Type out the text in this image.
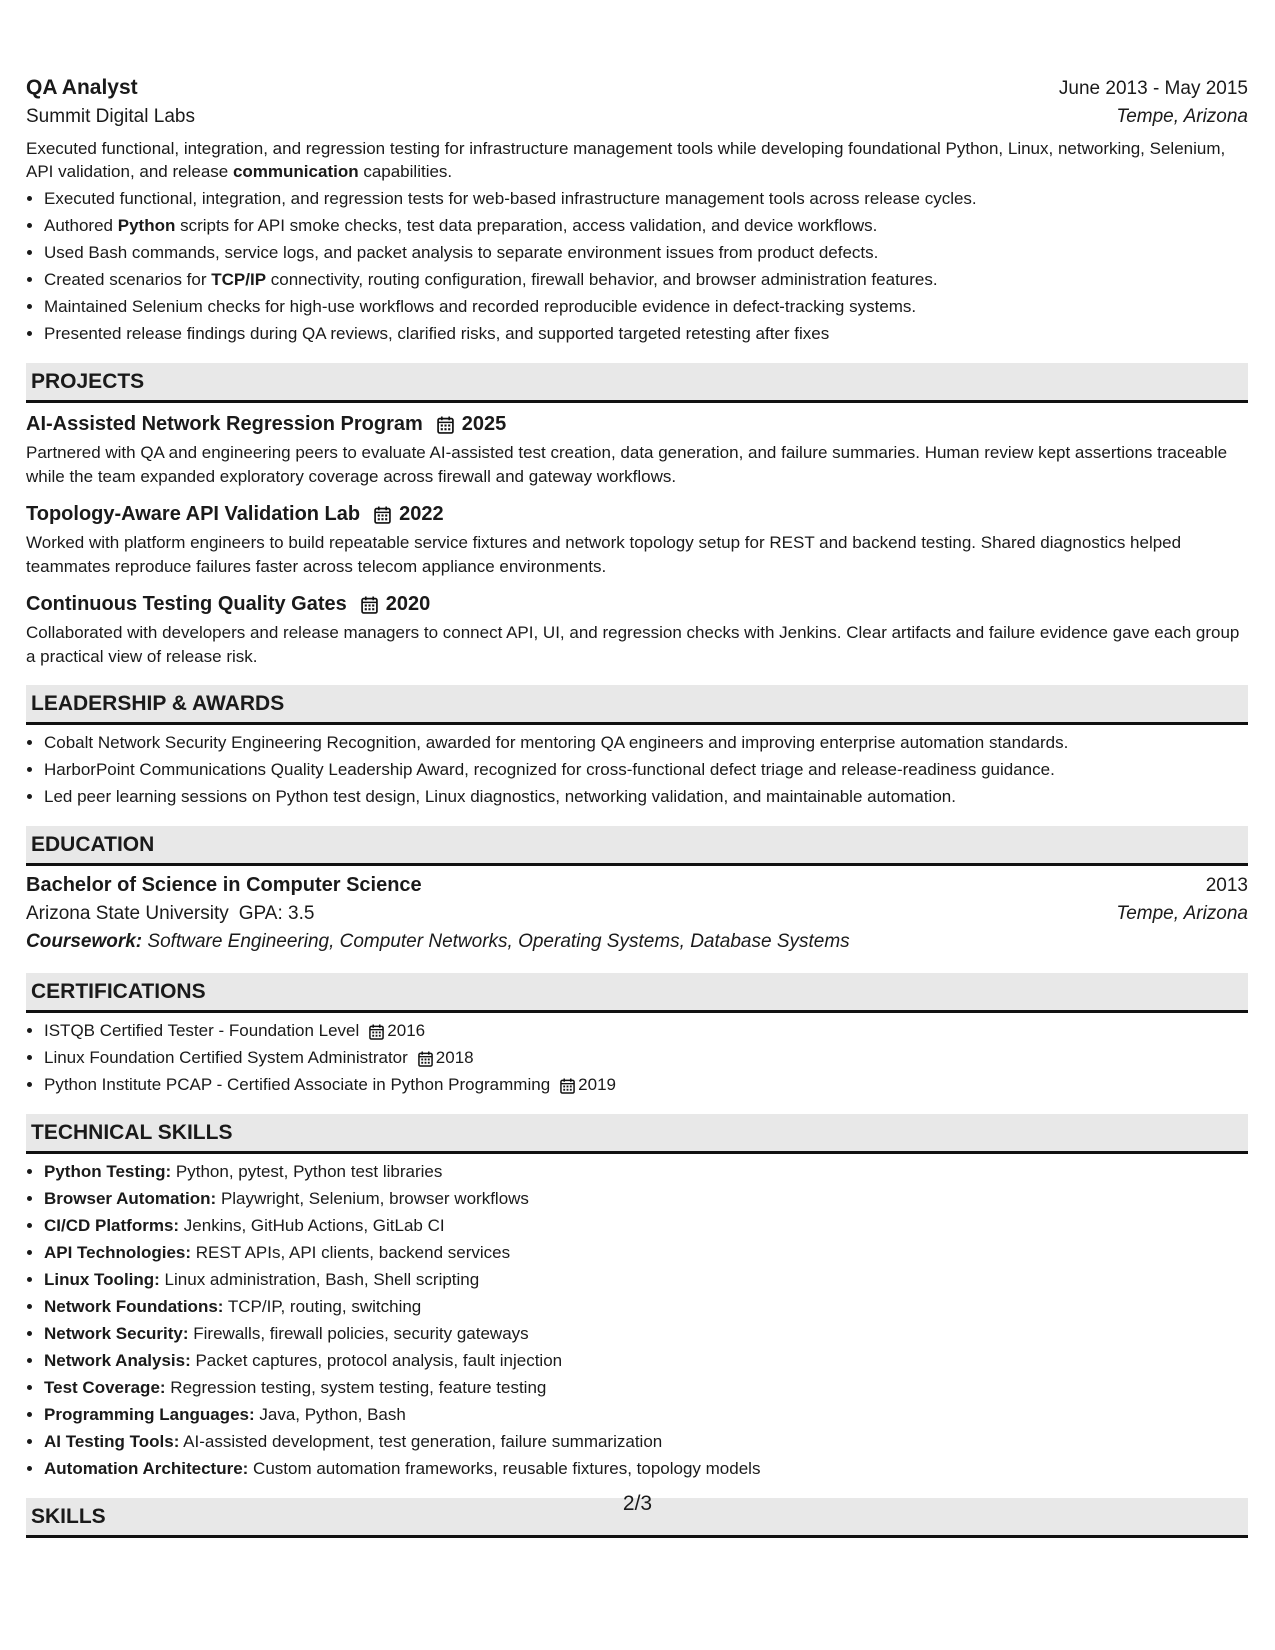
QA Analyst	June 2013 - May 2015
Summit Digital Labs	Tempe, Arizona
Executed functional, integration, and regression testing for infrastructure management tools while developing foundational Python, Linux, networking, Selenium, API validation, and release communication capabilities.
• Executed functional, integration, and regression tests for web-based infrastructure management tools across release cycles.
• Authored Python scripts for API smoke checks, test data preparation, access validation, and device workflows.
• Used Bash commands, service logs, and packet analysis to separate environment issues from product defects.
• Created scenarios for TCP/IP connectivity, routing configuration, firewall behavior, and browser administration features.
• Maintained Selenium checks for high-use workflows and recorded reproducible evidence in defect-tracking systems.
• Presented release findings during QA reviews, clarified risks, and supported targeted retesting after fixes
PROJECTS
AI-Assisted Network Regression Program 2025
Partnered with QA and engineering peers to evaluate AI-assisted test creation, data generation, and failure summaries. Human review kept assertions traceable while the team expanded exploratory coverage across firewall and gateway workflows.
Topology-Aware API Validation Lab 2022
Worked with platform engineers to build repeatable service fixtures and network topology setup for REST and backend testing. Shared diagnostics helped teammates reproduce failures faster across telecom appliance environments.
Continuous Testing Quality Gates 2020
Collaborated with developers and release managers to connect API, UI, and regression checks with Jenkins. Clear artifacts and failure evidence gave each group a practical view of release risk.
LEADERSHIP & AWARDS
• Cobalt Network Security Engineering Recognition, awarded for mentoring QA engineers and improving enterprise automation standards.
• HarborPoint Communications Quality Leadership Award, recognized for cross-functional defect triage and release-readiness guidance.
• Led peer learning sessions on Python test design, Linux diagnostics, networking validation, and maintainable automation.
EDUCATION
Bachelor of Science in Computer Science	2013
Arizona State University GPA: 3.5	Tempe, Arizona
Coursework: Software Engineering, Computer Networks, Operating Systems, Database Systems
CERTIFICATIONS
• ISTQB Certified Tester - Foundation Level 2016
• Linux Foundation Certified System Administrator 2018
• Python Institute PCAP - Certified Associate in Python Programming 2019
TECHNICAL SKILLS
• Python Testing: Python, pytest, Python test libraries
• Browser Automation: Playwright, Selenium, browser workflows
• CI/CD Platforms: Jenkins, GitHub Actions, GitLab CI
• API Technologies: REST APIs, API clients, backend services
• Linux Tooling: Linux administration, Bash, Shell scripting
• Network Foundations: TCP/IP, routing, switching
• Network Security: Firewalls, firewall policies, security gateways
• Network Analysis: Packet captures, protocol analysis, fault injection
• Test Coverage: Regression testing, system testing, feature testing
• Programming Languages: Java, Python, Bash
• AI Testing Tools: AI-assisted development, test generation, failure summarization
• Automation Architecture: Custom automation frameworks, reusable fixtures, topology models
SKILLS
2/3
